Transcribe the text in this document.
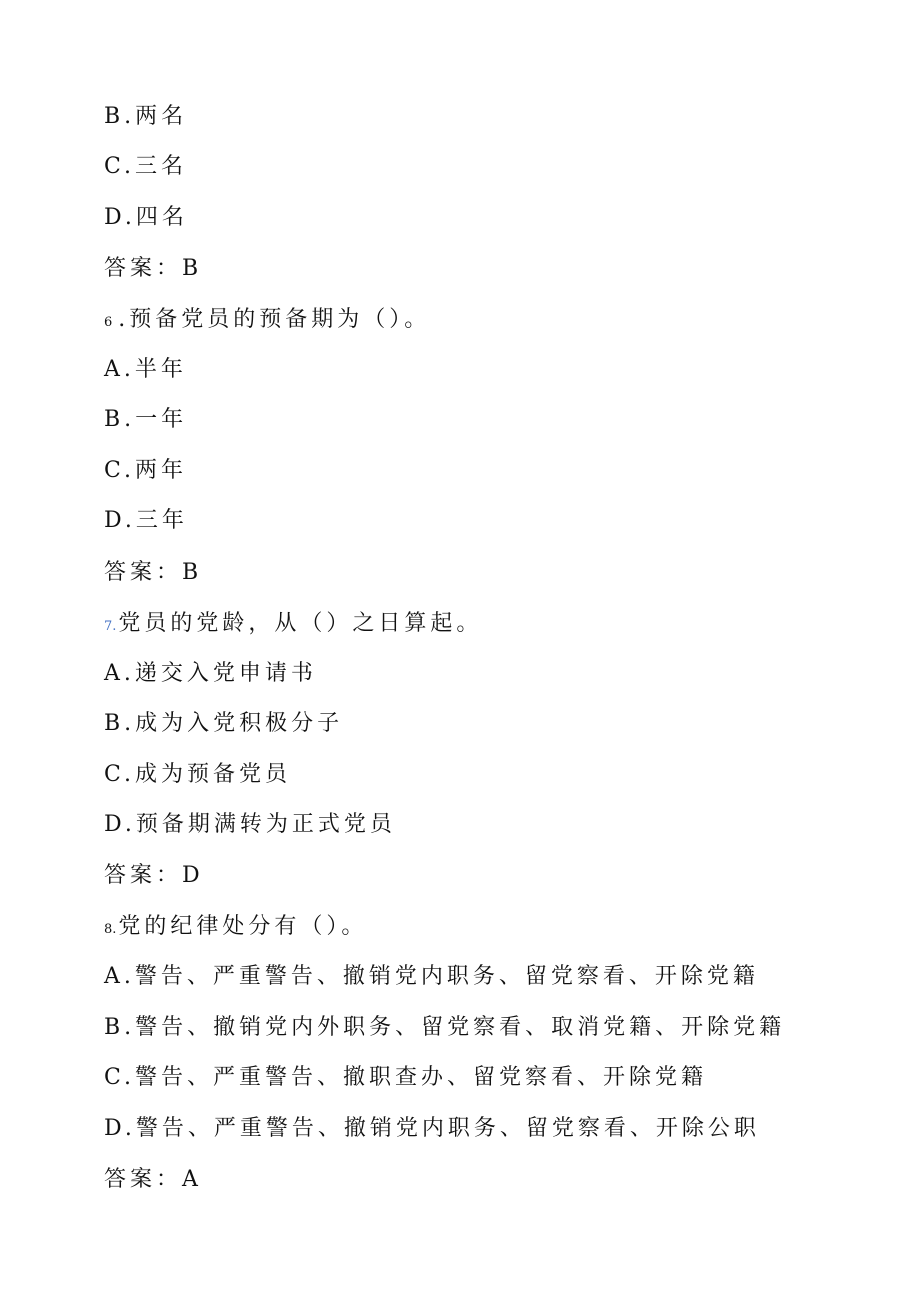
B.两名
C.三名
D.四名
答案：B
6 .预备党员的预备期为（）。
A.半年
B.一年
C.两年
D.三年
答案：B
7.党员的党龄，从（）之日算起。
A.递交入党申请书
B.成为入党积极分子
C.成为预备党员
D.预备期满转为正式党员
答案：D
8.党的纪律处分有（）。
A.警告、严重警告、撤销党内职务、留党察看、开除党籍
B.警告、撤销党内外职务、留党察看、取消党籍、开除党籍
C.警告、严重警告、撤职查办、留党察看、开除党籍
D.警告、严重警告、撤销党内职务、留党察看、开除公职
答案：A
